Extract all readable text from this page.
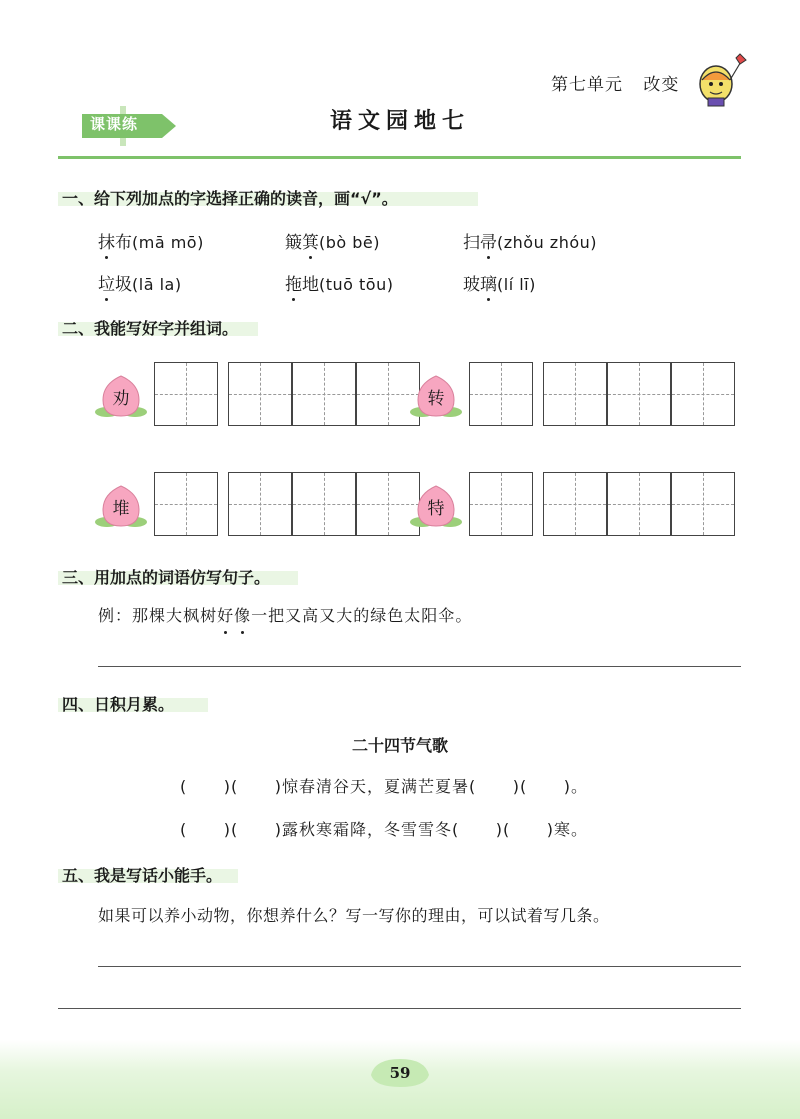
第七单元 改变
课课练	语文园地七
一、给下列加点的字选择正确的读音，画“√”。
抹布(mā mō)	簸箕(bò bē)	扫帚(zhǒu zhóu)
垃圾(lā la)	拖地(tuō tōu)	玻璃(lí lī)
二、我能写好字并组词。
劝	转
堆	特
三、用加点的词语仿写句子。
例：那棵大枫树好像一把又高又大的绿色太阳伞。
四、日积月累。
二十四节气歌
(      )(      )惊春清谷天，夏满芒夏暑(      )(      )。
(      )(      )露秋寒霜降，冬雪雪冬(      )(      )寒。
五、我是写话小能手。
如果可以养小动物，你想养什么？写一写你的理由，可以试着写几条。
59
